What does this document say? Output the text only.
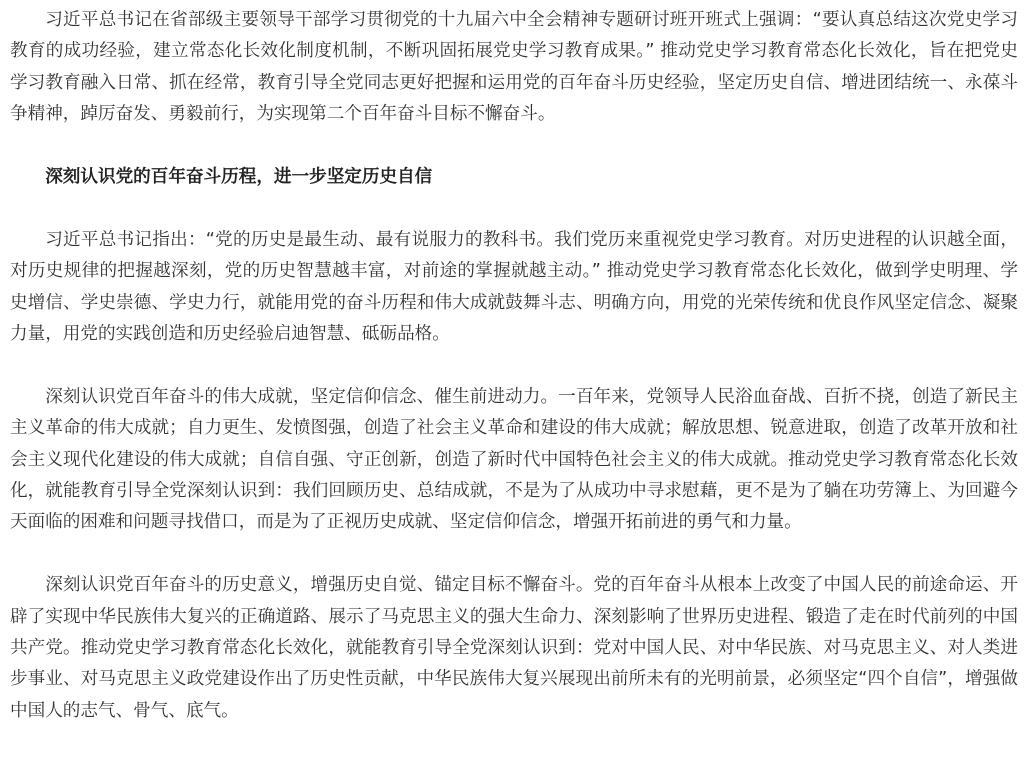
习近平总书记在省部级主要领导干部学习贯彻党的十九届六中全会精神专题研讨班开班式上强调：“要认真总结这次党史学习教育的成功经验，建立常态化长效化制度机制，不断巩固拓展党史学习教育成果。” 推动党史学习教育常态化长效化，旨在把党史学习教育融入日常、抓在经常，教育引导全党同志更好把握和运用党的百年奋斗历史经验，坚定历史自信、增进团结统一、永葆斗争精神，踔厉奋发、勇毅前行，为实现第二个百年奋斗目标不懈奋斗。

深刻认识党的百年奋斗历程，进一步坚定历史自信

习近平总书记指出：“党的历史是最生动、最有说服力的教科书。我们党历来重视党史学习教育。对历史进程的认识越全面，对历史规律的把握越深刻，党的历史智慧越丰富，对前途的掌握就越主动。” 推动党史学习教育常态化长效化，做到学史明理、学史增信、学史崇德、学史力行，就能用党的奋斗历程和伟大成就鼓舞斗志、明确方向，用党的光荣传统和优良作风坚定信念、凝聚力量，用党的实践创造和历史经验启迪智慧、砥砺品格。

深刻认识党百年奋斗的伟大成就，坚定信仰信念、催生前进动力。一百年来，党领导人民浴血奋战、百折不挠，创造了新民主主义革命的伟大成就；自力更生、发愤图强，创造了社会主义革命和建设的伟大成就；解放思想、锐意进取，创造了改革开放和社会主义现代化建设的伟大成就；自信自强、守正创新，创造了新时代中国特色社会主义的伟大成就。推动党史学习教育常态化长效化，就能教育引导全党深刻认识到：我们回顾历史、总结成就，不是为了从成功中寻求慰藉，更不是为了躺在功劳簿上、为回避今天面临的困难和问题寻找借口，而是为了正视历史成就、坚定信仰信念，增强开拓前进的勇气和力量。

深刻认识党百年奋斗的历史意义，增强历史自觉、锚定目标不懈奋斗。党的百年奋斗从根本上改变了中国人民的前途命运、开辟了实现中华民族伟大复兴的正确道路、展示了马克思主义的强大生命力、深刻影响了世界历史进程、锻造了走在时代前列的中国共产党。推动党史学习教育常态化长效化，就能教育引导全党深刻认识到：党对中国人民、对中华民族、对马克思主义、对人类进步事业、对马克思主义政党建设作出了历史性贡献，中华民族伟大复兴展现出前所未有的光明前景，必须坚定“四个自信”，增强做中国人的志气、骨气、底气。
